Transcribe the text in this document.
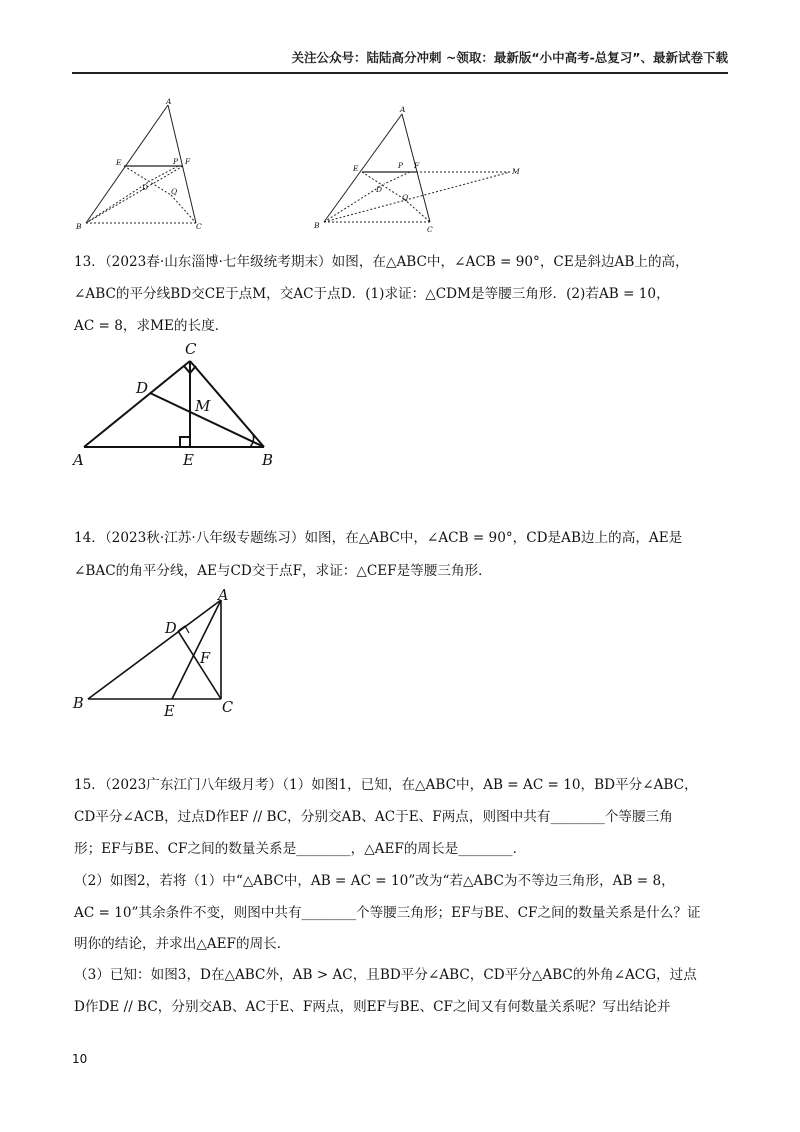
关注公众号：陆陆高分冲刺 ~领取：最新版“小中高考-总复习”、最新试卷下载
A
E	P F
D	Q
B	C
A
E	P F
M
D
Q
B	C
13．（2023春·山东淄博·七年级统考期末）如图，在△ABC中，∠ACB = 90°，CE是斜边AB上的高，
∠ABC的平分线BD交CE于点M，交AC于点D．(1)求证：△CDM是等腰三角形．(2)若AB = 10，
AC = 8，求ME的长度．
C
D
M
A	E	B
14．（2023秋·江苏·八年级专题练习）如图，在△ABC中，∠ACB = 90°，CD是AB边上的高，AE是
∠BAC的角平分线，AE与CD交于点F，求证：△CEF是等腰三角形．
A
D
F
B	E	C
15．（2023广东江门八年级月考）（1）如图1，已知，在△ABC中，AB = AC = 10，BD平分∠ABC，
CD平分∠ACB，过点D作EF // BC，分别交AB、AC于E、F两点，则图中共有________个等腰三角
形；EF与BE、CF之间的数量关系是________，△AEF的周长是________．
（2）如图2，若将（1）中“△ABC中，AB = AC = 10”改为“若△ABC为不等边三角形，AB = 8，
AC = 10”其余条件不变，则图中共有________个等腰三角形；EF与BE、CF之间的数量关系是什么？证
明你的结论，并求出△AEF的周长．
（3）已知：如图3，D在△ABC外，AB > AC，且BD平分∠ABC，CD平分△ABC的外角∠ACG，过点
D作DE // BC，分别交AB、AC于E、F两点，则EF与BE、CF之间又有何数量关系呢？写出结论并
10
